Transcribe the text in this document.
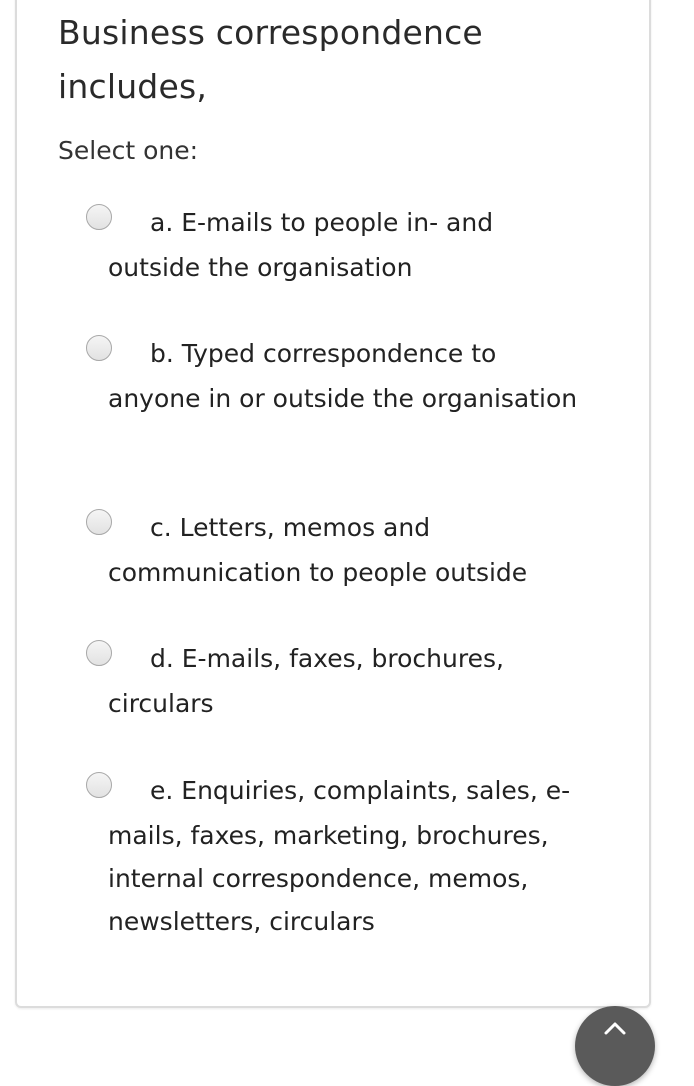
Business correspondence includes,
Select one:
a. E-mails to people in- and
outside the organisation
b. Typed correspondence to
anyone in or outside the organisation
c. Letters, memos and
communication to people outside
d. E-mails, faxes, brochures,
circulars
e. Enquiries, complaints, sales, e-
mails, faxes, marketing, brochures, internal correspondence, memos, newsletters, circulars
